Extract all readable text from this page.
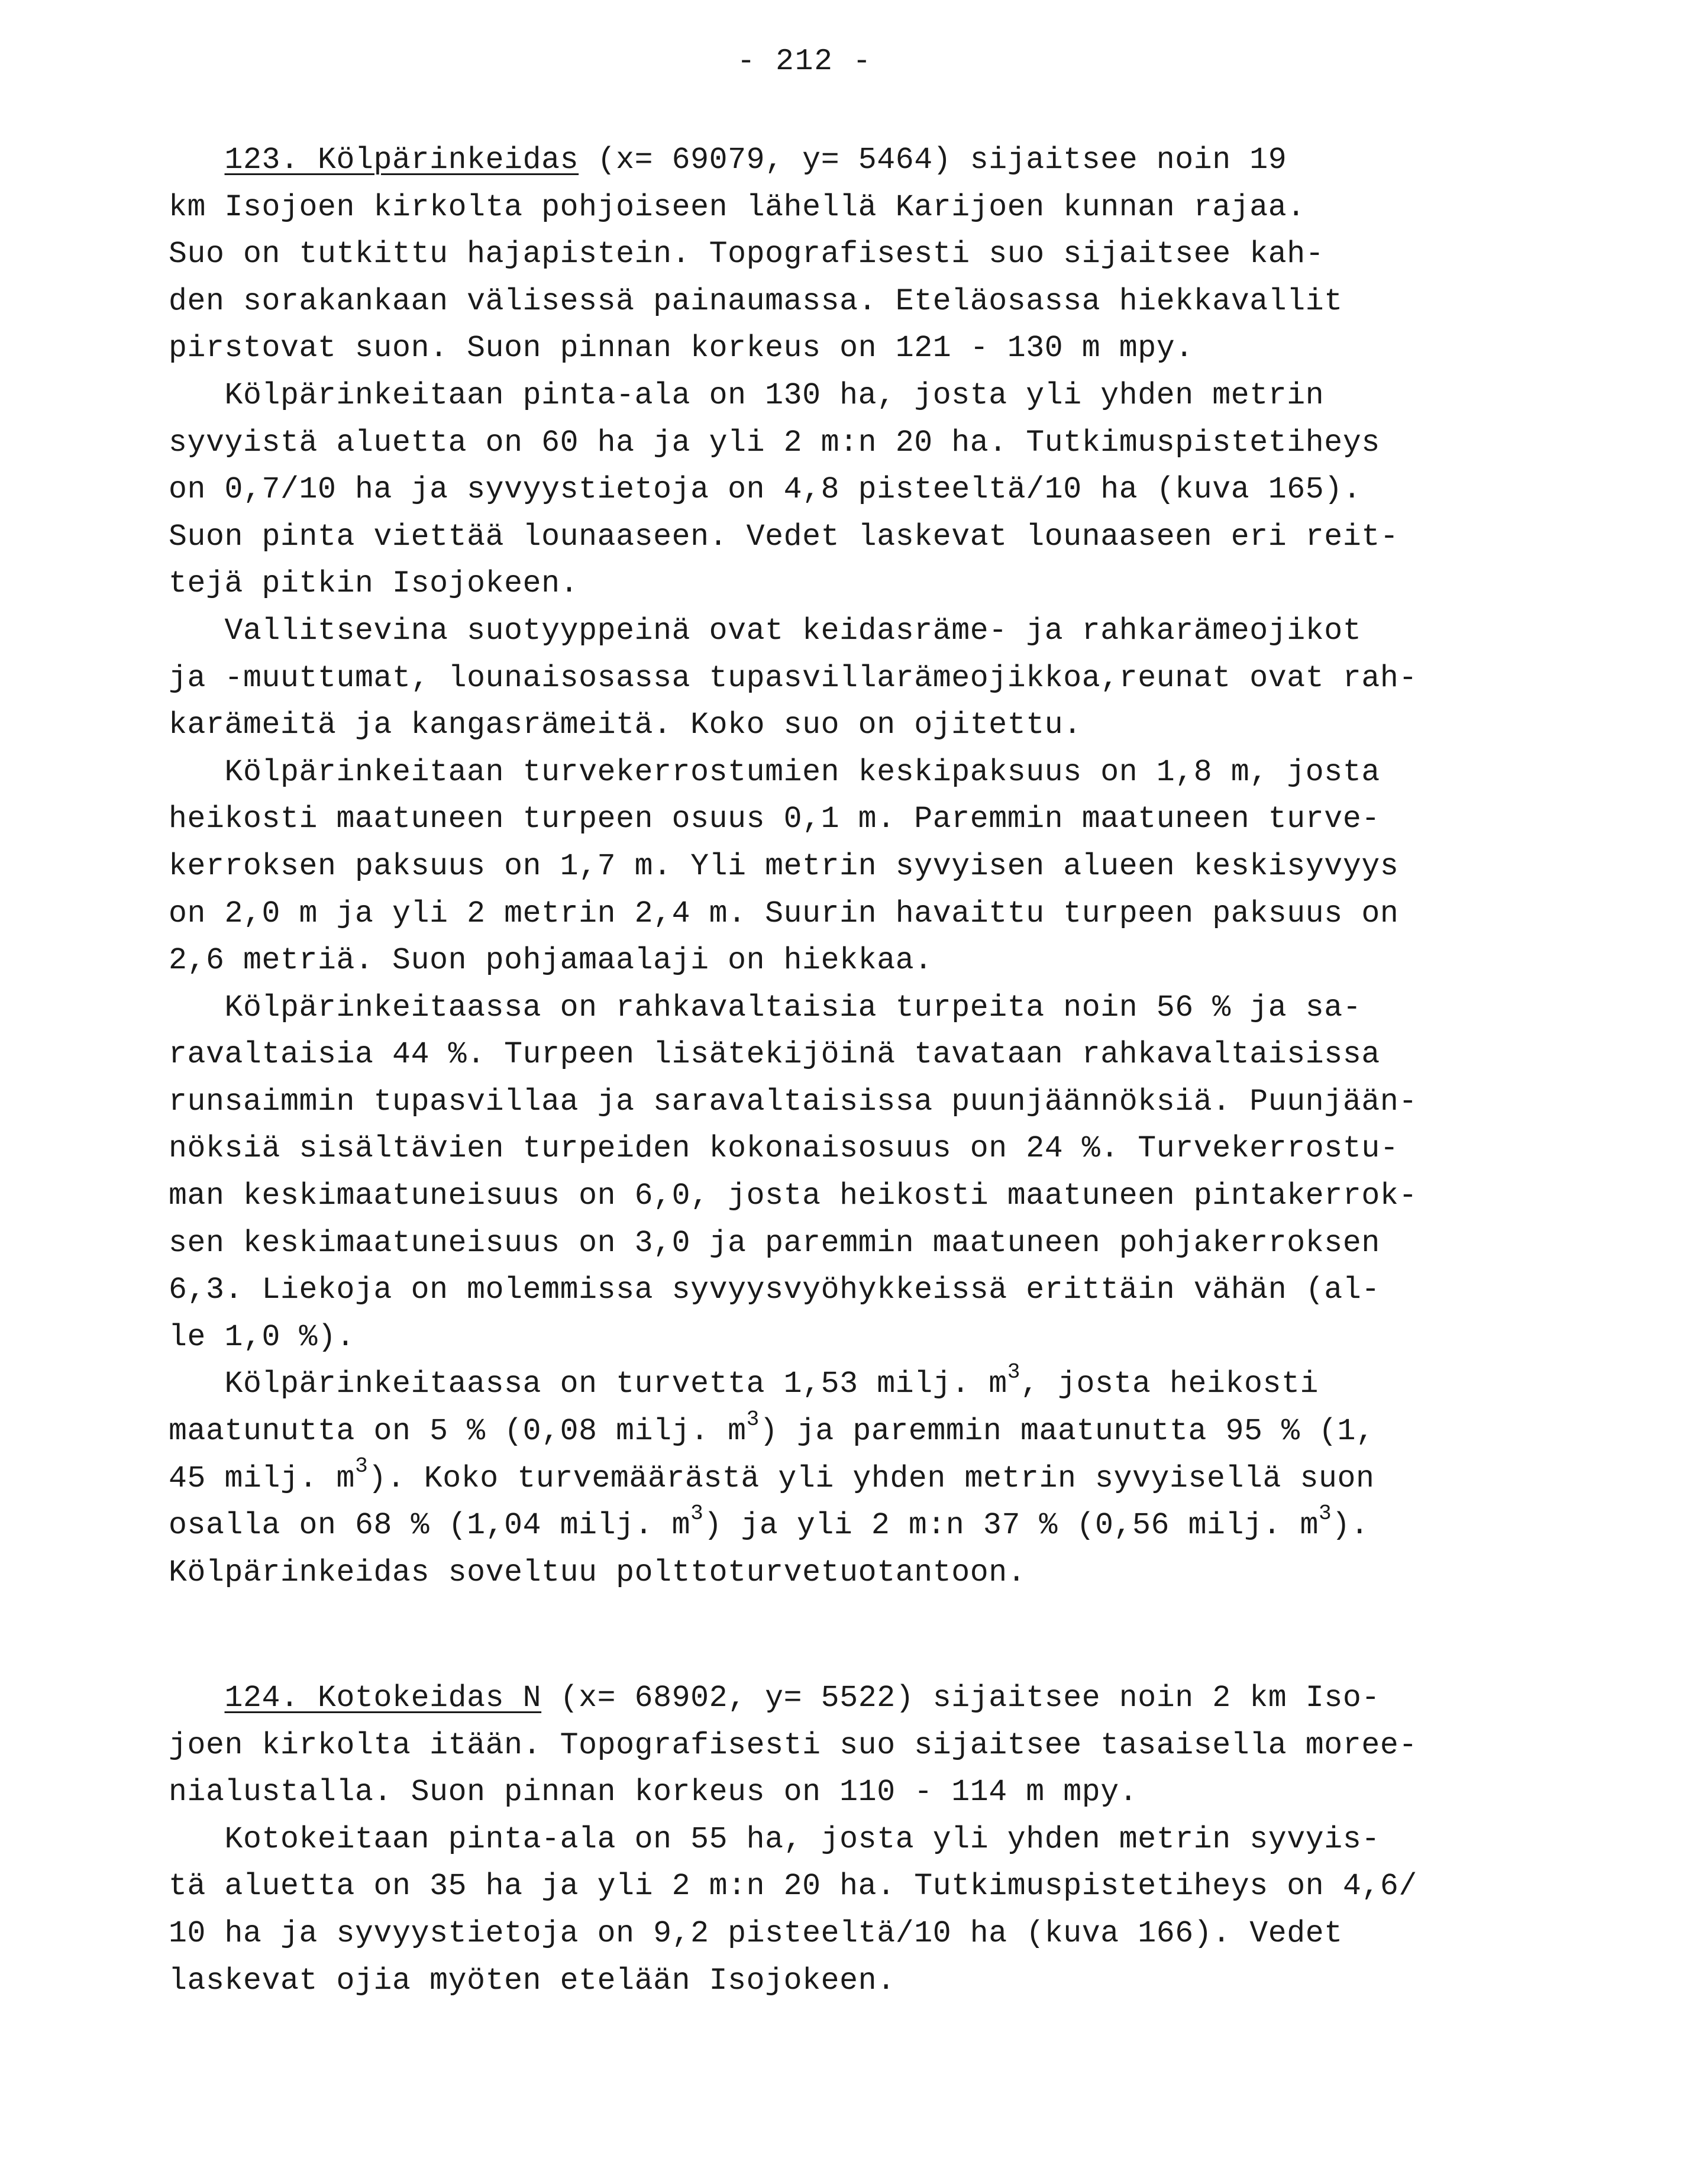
- 212 -
123. Kölpärinkeidas (x= 69079, y= 5464) sijaitsee noin 19
km Isojoen kirkolta pohjoiseen lähellä Karijoen kunnan rajaa.
Suo on tutkittu hajapistein. Topografisesti suo sijaitsee kah-
den sorakankaan välisessä painaumassa. Eteläosassa hiekkavallit
pirstovat suon. Suon pinnan korkeus on 121 - 130 m mpy.
Kölpärinkeitaan pinta-ala on 130 ha, josta yli yhden metrin
syvyistä aluetta on 60 ha ja yli 2 m:n 20 ha. Tutkimuspistetiheys
on 0,7/10 ha ja syvyystietoja on 4,8 pisteeltä/10 ha (kuva 165).
Suon pinta viettää lounaaseen. Vedet laskevat lounaaseen eri reit-
tejä pitkin Isojokeen.
Vallitsevina suotyyppeinä ovat keidasräme- ja rahkarämeojikot
ja -muuttumat, lounaisosassa tupasvillarämeojikkoa,reunat ovat rah-
karämeitä ja kangasrämeitä. Koko suo on ojitettu.
Kölpärinkeitaan turvekerrostumien keskipaksuus on 1,8 m, josta
heikosti maatuneen turpeen osuus 0,1 m. Paremmin maatuneen turve-
kerroksen paksuus on 1,7 m. Yli metrin syvyisen alueen keskisyvyys
on 2,0 m ja yli 2 metrin 2,4 m. Suurin havaittu turpeen paksuus on
2,6 metriä. Suon pohjamaalaji on hiekkaa.
Kölpärinkeitaassa on rahkavaltaisia turpeita noin 56 % ja sa-
ravaltaisia 44 %. Turpeen lisätekijöinä tavataan rahkavaltaisissa
runsaimmin tupasvillaa ja saravaltaisissa puunjäännöksiä. Puunjään-
nöksiä sisältävien turpeiden kokonaisosuus on 24 %. Turvekerrostu-
man keskimaatuneisuus on 6,0, josta heikosti maatuneen pintakerrok-
sen keskimaatuneisuus on 3,0 ja paremmin maatuneen pohjakerroksen
6,3. Liekoja on molemmissa syvyysvyöhykkeissä erittäin vähän (al-
le 1,0 %).
Kölpärinkeitaassa on turvetta 1,53 milj. $m^3$, josta heikosti
maatunutta on 5 % (0,08 milj. $m^3$) ja paremmin maatunutta 95 % (1,
45 milj. $m^3$). Koko turvemäärästä yli yhden metrin syvyisellä suon
osalla on 68 % (1,04 milj. $m^3$) ja yli 2 m:n 37 % (0,56 milj. $m^3$).
Kölpärinkeidas soveltuu polttoturvetuotantoon.
124. Kotokeidas N (x= 68902, y= 5522) sijaitsee noin 2 km Iso-
joen kirkolta itään. Topografisesti suo sijaitsee tasaisella moree-
nialustalla. Suon pinnan korkeus on 110 - 114 m mpy.
Kotokeitaan pinta-ala on 55 ha, josta yli yhden metrin syvyis-
tä aluetta on 35 ha ja yli 2 m:n 20 ha. Tutkimuspistetiheys on 4,6/
10 ha ja syvyystietoja on 9,2 pisteeltä/10 ha (kuva 166). Vedet
laskevat ojia myöten etelään Isojokeen.
